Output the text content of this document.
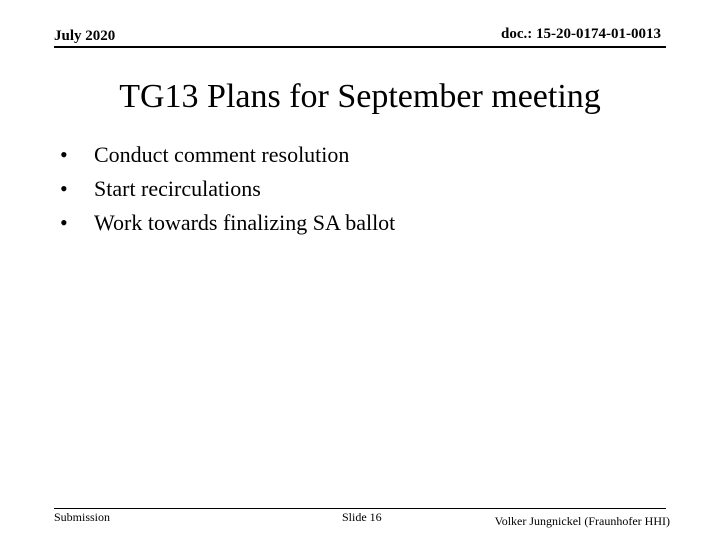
July 2020	doc.: 15-20-0174-01-0013
TG13 Plans for September meeting
• Conduct comment resolution
• Start recirculations
• Work towards finalizing SA ballot
Submission	Slide 16	Volker Jungnickel (Fraunhofer HHI)
